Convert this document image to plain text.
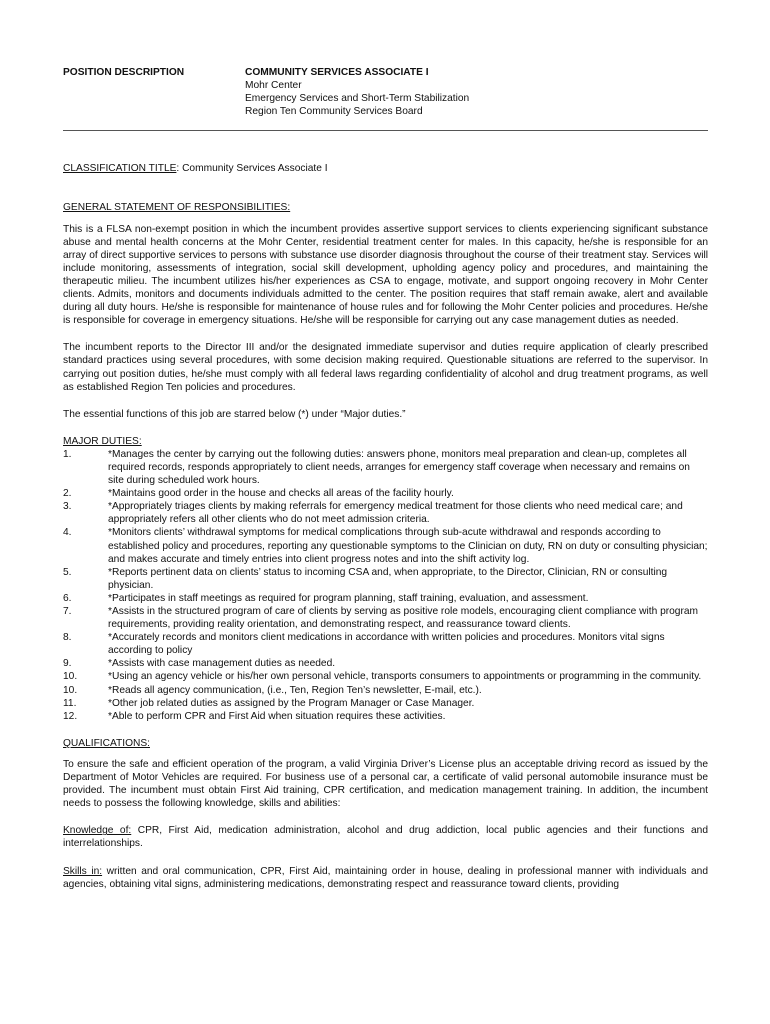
POSITION DESCRIPTION	COMMUNITY SERVICES ASSOCIATE I
Mohr Center
Emergency Services and Short-Term Stabilization
Region Ten Community Services Board
CLASSIFICATION TITLE: Community Services Associate I
GENERAL STATEMENT OF RESPONSIBILITIES:

This is a FLSA non-exempt position in which the incumbent provides assertive support services to clients experiencing significant substance abuse and mental health concerns at the Mohr Center, residential treatment center for males. In this capacity, he/she is responsible for an array of direct supportive services to persons with substance use disorder diagnosis throughout the course of their treatment stay. Services will include monitoring, assessments of integration, social skill development, upholding agency policy and procedures, and maintaining the therapeutic milieu. The incumbent utilizes his/her experiences as CSA to engage, motivate, and support ongoing recovery in Mohr Center clients. Admits, monitors and documents individuals admitted to the center. The position requires that staff remain awake, alert and available during all duty hours. He/she is responsible for maintenance of house rules and for following the Mohr Center policies and procedures. He/she is responsible for coverage in emergency situations. He/she will be responsible for carrying out any case management duties as needed.

The incumbent reports to the Director III and/or the designated immediate supervisor and duties require application of clearly prescribed standard practices using several procedures, with some decision making required. Questionable situations are referred to the supervisor. In carrying out position duties, he/she must comply with all federal laws regarding confidentiality of alcohol and drug treatment programs, as well as established Region Ten policies and procedures.

The essential functions of this job are starred below (*) under “Major duties.”

MAJOR DUTIES:
1.	*Manages the center by carrying out the following duties: answers phone, monitors meal preparation and clean-up, completes all required records, responds appropriately to client needs, arranges for emergency staff coverage when necessary and remains on site during scheduled work hours.
2.	*Maintains good order in the house and checks all areas of the facility hourly.
3.	*Appropriately triages clients by making referrals for emergency medical treatment for those clients who need medical care; and appropriately refers all other clients who do not meet admission criteria.
4.	*Monitors clients’ withdrawal symptoms for medical complications through sub-acute withdrawal and responds according to established policy and procedures, reporting any questionable symptoms to the Clinician on duty, RN on duty or consulting physician; and makes accurate and timely entries into client progress notes and into the shift activity log.
5.	*Reports pertinent data on clients’ status to incoming CSA and, when appropriate, to the Director, Clinician, RN or consulting physician.
6.	*Participates in staff meetings as required for program planning, staff training, evaluation, and assessment.
7.	*Assists in the structured program of care of clients by serving as positive role models, encouraging client compliance with program requirements, providing reality orientation, and demonstrating respect, and reassurance toward clients.
8.	*Accurately records and monitors client medications in accordance with written policies and procedures. Monitors vital signs according to policy
9.	*Assists with case management duties as needed.
10.	*Using an agency vehicle or his/her own personal vehicle, transports consumers to appointments or programming in the community.
10.	*Reads all agency communication, (i.e., Ten, Region Ten’s newsletter, E-mail, etc.).
11.	*Other job related duties as assigned by the Program Manager or Case Manager.
12.	*Able to perform CPR and First Aid when situation requires these activities.
QUALIFICATIONS:

To ensure the safe and efficient operation of the program, a valid Virginia Driver’s License plus an acceptable driving record as issued by the Department of Motor Vehicles are required. For business use of a personal car, a certificate of valid personal automobile insurance must be provided. The incumbent must obtain First Aid training, CPR certification, and medication management training. In addition, the incumbent needs to possess the following knowledge, skills and abilities:

Knowledge of: CPR, First Aid, medication administration, alcohol and drug addiction, local public agencies and their functions and interrelationships.

Skills in: written and oral communication, CPR, First Aid, maintaining order in house, dealing in professional manner with individuals and agencies, obtaining vital signs, administering medications, demonstrating respect and reassurance toward clients, providing
